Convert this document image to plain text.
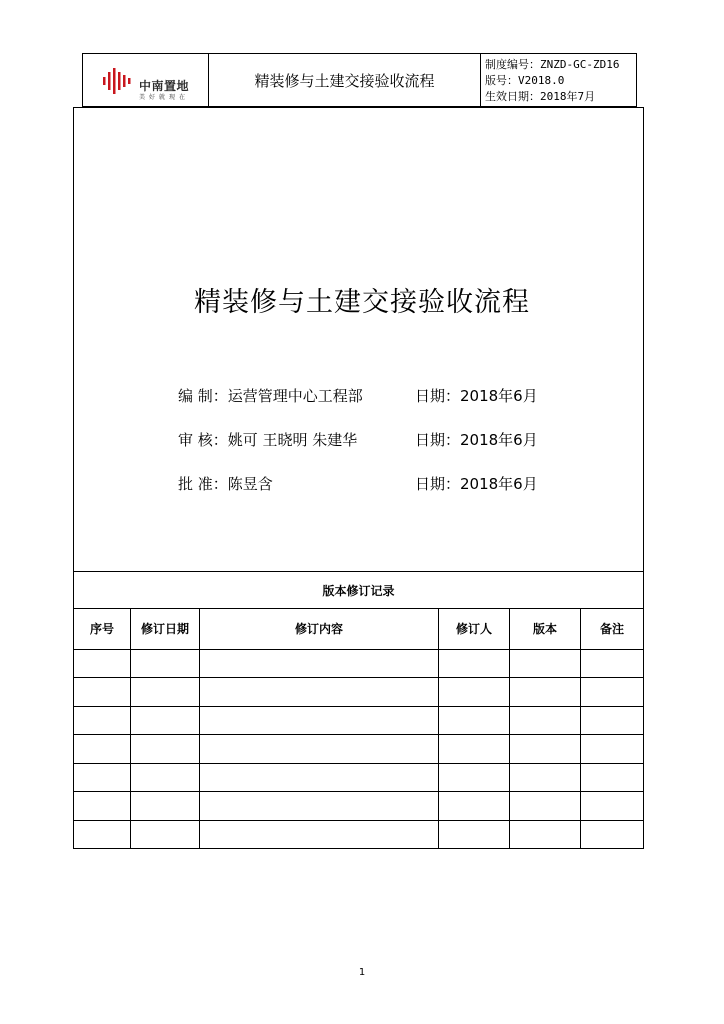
中南置地
美好就现在
精装修与土建交接验收流程
制度编号：ZNZD-GC-ZD16
版号：V2018.0
生效日期：2018年7月
精装修与土建交接验收流程
编 制：运营管理中心工程部	日期：2018年6月
审 核：姚可 王晓明 朱建华	日期：2018年6月
批 准：陈昱含	日期：2018年6月
版本修订记录
序号	修订日期	修订内容	修订人	版本	备注
1
